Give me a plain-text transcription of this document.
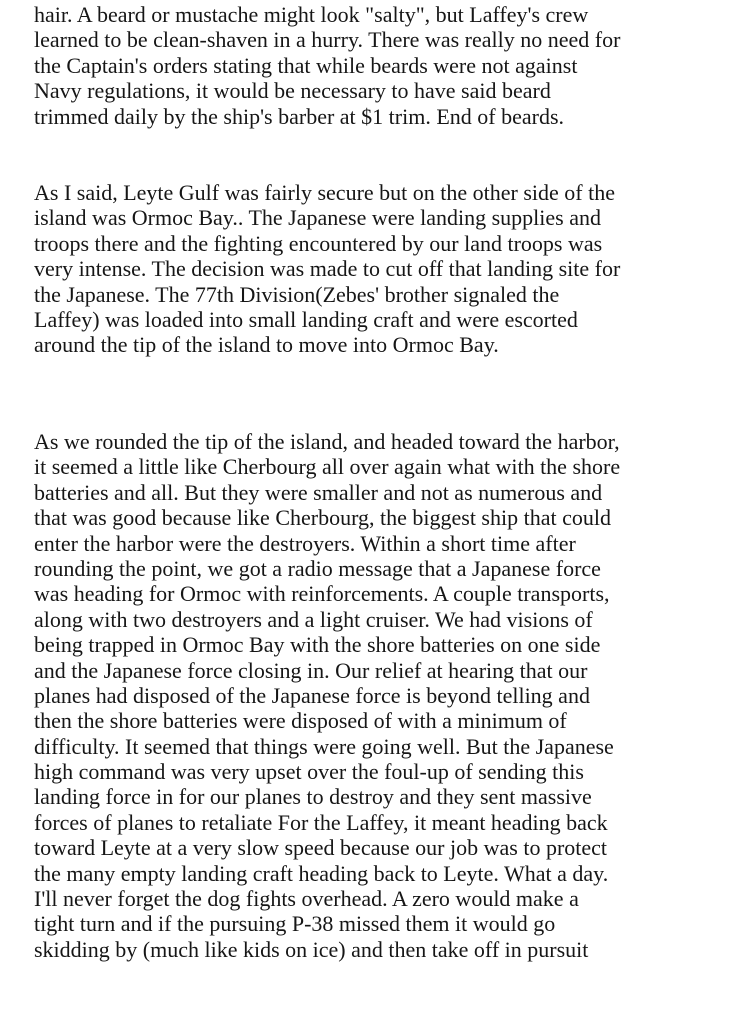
hair. A beard or mustache might look "salty", but Laffey's crew
learned to be clean-shaven in a hurry. There was really no need for
the Captain's orders stating that while beards were not against
Navy regulations, it would be necessary to have said beard
trimmed daily by the ship's barber at $1 trim. End of beards.
As I said, Leyte Gulf was fairly secure but on the other side of the
island was Ormoc Bay.. The Japanese were landing supplies and
troops there and the fighting encountered by our land troops was
very intense. The decision was made to cut off that landing site for
the Japanese. The 77th Division(Zebes' brother signaled the
Laffey) was loaded into small landing craft and were escorted
around the tip of the island to move into Ormoc Bay.
As we rounded the tip of the island, and headed toward the harbor,
it seemed a little like Cherbourg all over again what with the shore
batteries and all. But they were smaller and not as numerous and
that was good because like Cherbourg, the biggest ship that could
enter the harbor were the destroyers. Within a short time after
rounding the point, we got a radio message that a Japanese force
was heading for Ormoc with reinforcements. A couple transports,
along with two destroyers and a light cruiser. We had visions of
being trapped in Ormoc Bay with the shore batteries on one side
and the Japanese force closing in. Our relief at hearing that our
planes had disposed of the Japanese force is beyond telling and
then the shore batteries were disposed of with a minimum of
difficulty. It seemed that things were going well. But the Japanese
high command was very upset over the foul-up of sending this
landing force in for our planes to destroy and they sent massive
forces of planes to retaliate For the Laffey, it meant heading back
toward Leyte at a very slow speed because our job was to protect
the many empty landing craft heading back to Leyte. What a day.
I'll never forget the dog fights overhead. A zero would make a
tight turn and if the pursuing P-38 missed them it would go
skidding by (much like kids on ice) and then take off in pursuit
